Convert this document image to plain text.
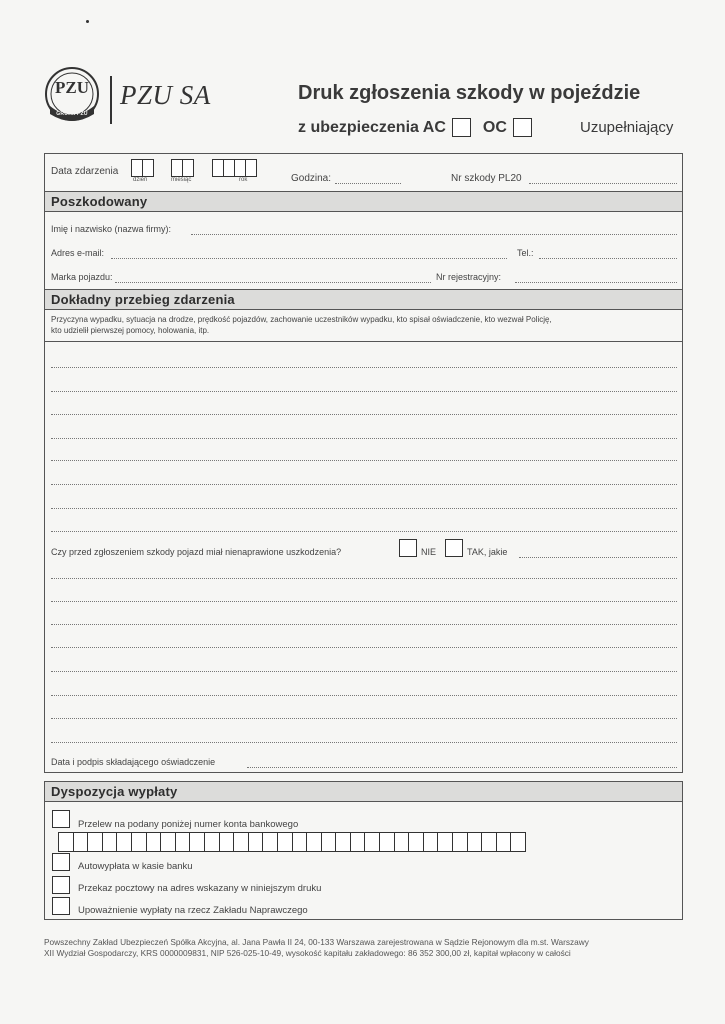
PZU
GRUPA PZU
PZU SA	Druk zgłoszenia szkody w pojeździe
z ubezpieczenia AC OC	Uzupełniający
Data zdarzenia
dzień	miesiąc	rok	Godzina:	Nr szkody PL20
Poszkodowany
Imię i nazwisko (nazwa firmy):
Adres e-mail:	Tel.:
Marka pojazdu:	Nr rejestracyjny:
Dokładny przebieg zdarzenia
Przyczyna wypadku, sytuacja na drodze, prędkość pojazdów, zachowanie uczestników wypadku, kto spisał oświadczenie, kto wezwał Policję,
kto udzielił pierwszej pomocy, holowania, itp.
Czy przed zgłoszeniem szkody pojazd miał nienaprawione uszkodzenia?	NIE	TAK, jakie
Data i podpis składającego oświadczenie
Dyspozycja wypłaty
Przelew na podany poniżej numer konta bankowego
Autowypłata w kasie banku
Przekaz pocztowy na adres wskazany w niniejszym druku
Upoważnienie wypłaty na rzecz Zakładu Naprawczego
Powszechny Zakład Ubezpieczeń Spółka Akcyjna, al. Jana Pawła II 24, 00-133 Warszawa zarejestrowana w Sądzie Rejonowym dla m.st. Warszawy
XII Wydział Gospodarczy, KRS 0000009831, NIP 526-025-10-49, wysokość kapitału zakładowego: 86 352 300,00 zł, kapitał wpłacony w całości
